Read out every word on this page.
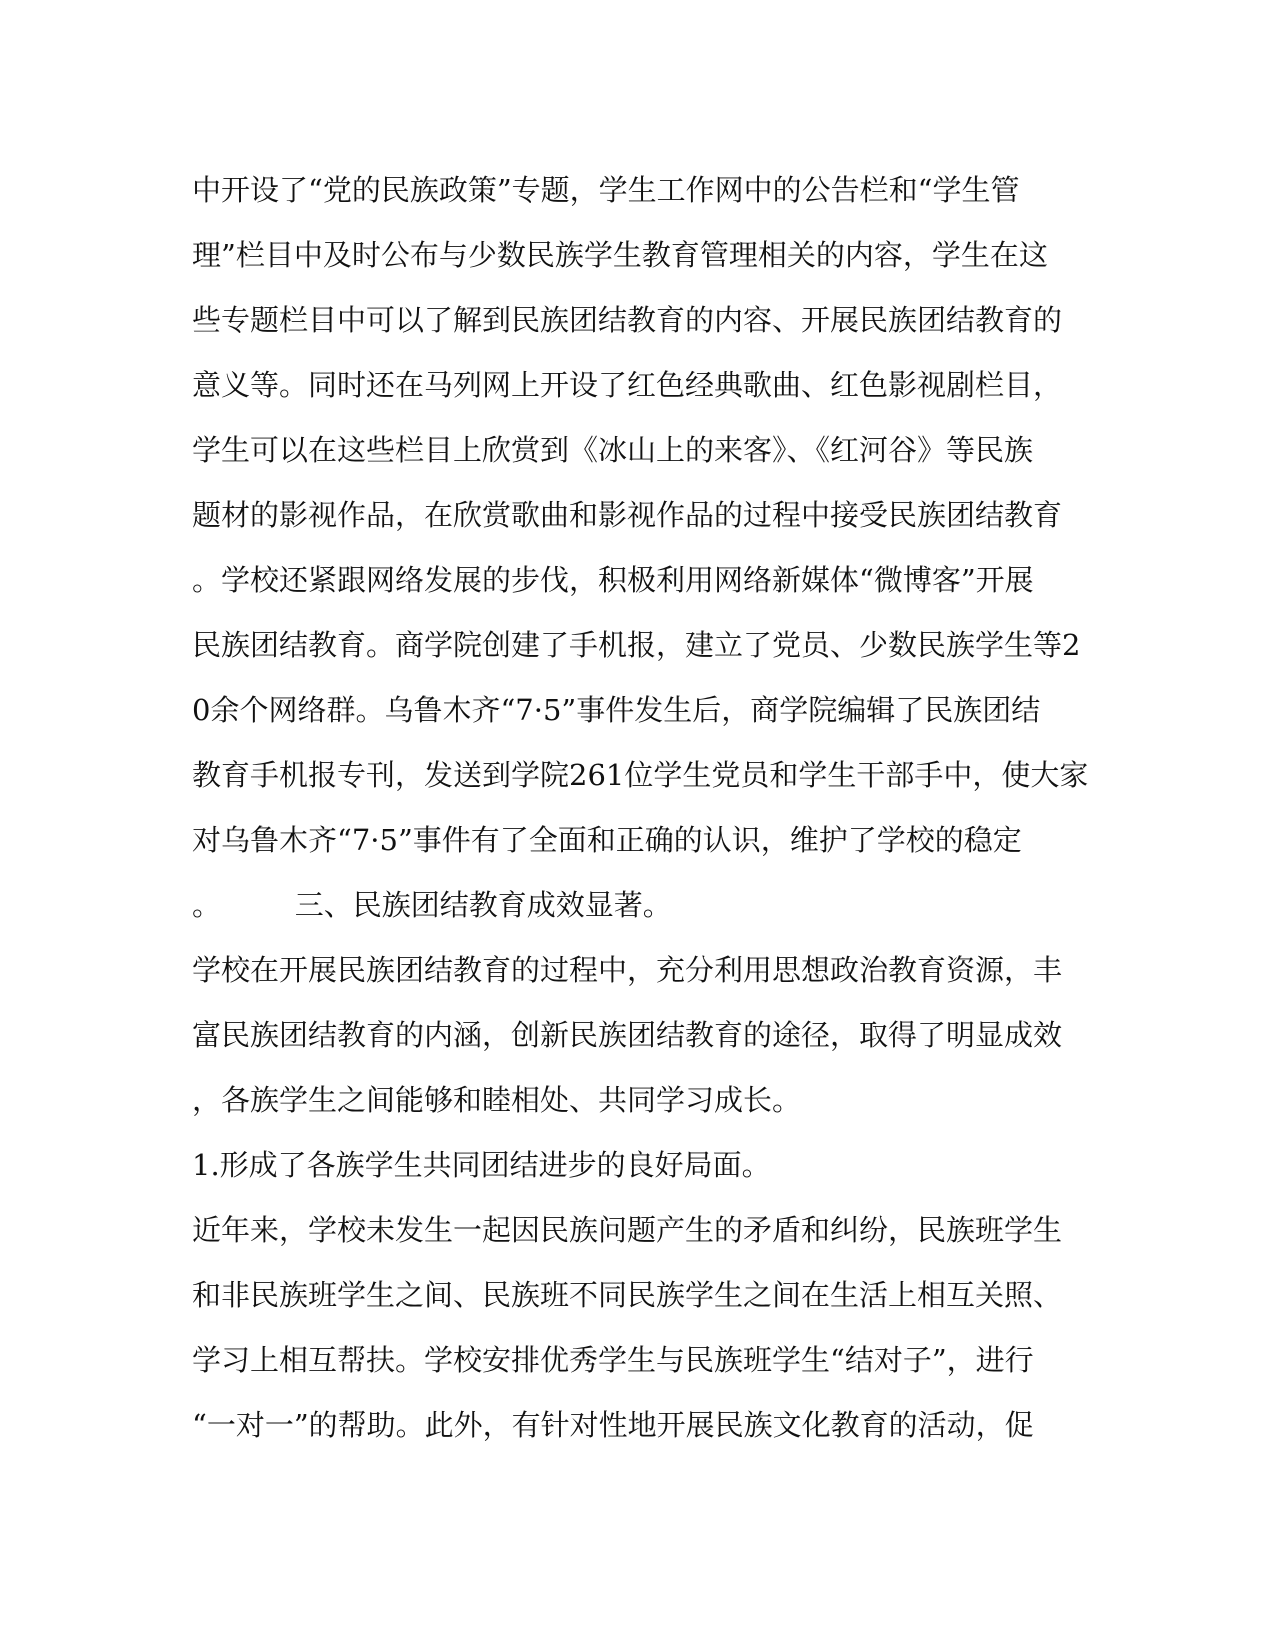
中开设了“党的民族政策”专题，学生工作网中的公告栏和“学生管
理”栏目中及时公布与少数民族学生教育管理相关的内容，学生在这
些专题栏目中可以了解到民族团结教育的内容、开展民族团结教育的
意义等。同时还在马列网上开设了红色经典歌曲、红色影视剧栏目，
学生可以在这些栏目上欣赏到《冰山上的来客》、《红河谷》等民族
题材的影视作品，在欣赏歌曲和影视作品的过程中接受民族团结教育
。学校还紧跟网络发展的步伐，积极利用网络新媒体“微博客”开展
民族团结教育。商学院创建了手机报，建立了党员、少数民族学生等2
0余个网络群。乌鲁木齐“7·5”事件发生后，商学院编辑了民族团结
教育手机报专刊，发送到学院261位学生党员和学生干部手中，使大家
对乌鲁木齐“7·5”事件有了全面和正确的认识，维护了学校的稳定
。        三、民族团结教育成效显著。
学校在开展民族团结教育的过程中，充分利用思想政治教育资源，丰
富民族团结教育的内涵，创新民族团结教育的途径，取得了明显成效
，各族学生之间能够和睦相处、共同学习成长。
1.形成了各族学生共同团结进步的良好局面。
近年来，学校未发生一起因民族问题产生的矛盾和纠纷，民族班学生
和非民族班学生之间、民族班不同民族学生之间在生活上相互关照、
学习上相互帮扶。学校安排优秀学生与民族班学生“结对子”，进行
“一对一”的帮助。此外，有针对性地开展民族文化教育的活动，促
